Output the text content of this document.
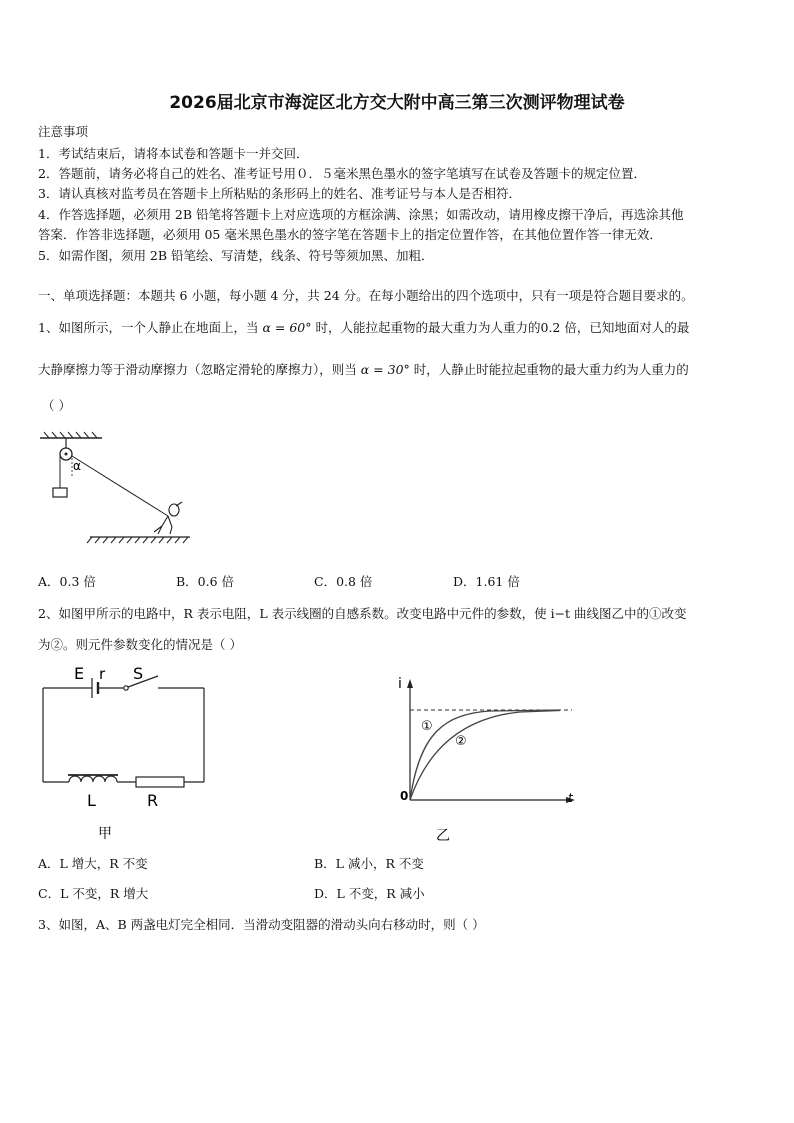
2026届北京市海淀区北方交大附中高三第三次测评物理试卷
注意事项
1．考试结束后，请将本试卷和答题卡一并交回．
2．答题前，请务必将自己的姓名、准考证号用０．５毫米黑色墨水的签字笔填写在试卷及答题卡的规定位置．
3．请认真核对监考员在答题卡上所粘贴的条形码上的姓名、准考证号与本人是否相符．
4．作答选择题，必须用 2B 铅笔将答题卡上对应选项的方框涂满、涂黑；如需改动，请用橡皮擦干净后，再选涂其他
答案．作答非选择题，必须用 05 毫米黑色墨水的签字笔在答题卡上的指定位置作答，在其他位置作答一律无效．
5．如需作图，须用 2B 铅笔绘、写清楚，线条、符号等须加黑、加粗．
一、单项选择题：本题共 6 小题，每小题 4 分，共 24 分。在每小题给出的四个选项中，只有一项是符合题目要求的。
1、如图所示，一个人静止在地面上，当 α = 60° 时，人能拉起重物的最大重力为人重力的0.2 倍，已知地面对人的最
大静摩擦力等于滑动摩擦力（忽略定滑轮的摩擦力），则当 α = 30° 时，人静止时能拉起重物的最大重力约为人重力的
（ ）
α
A．0.3 倍	B．0.6 倍	C．0.8 倍	D．1.61 倍
2、如图甲所示的电路中，R 表示电阻，L 表示线圈的自感系数。改变电路中元件的参数，使 i−t 曲线图乙中的①改变
为②。则元件参数变化的情况是（ ）
E r S
L	R
甲
i
t
0
①
②
乙
A．L 增大，R 不变	B．L 减小，R 不变
C．L 不变，R 增大	D．L 不变，R 减小
3、如图，A、B 两盏电灯完全相同．当滑动变阻器的滑动头向右移动时，则（ ）
